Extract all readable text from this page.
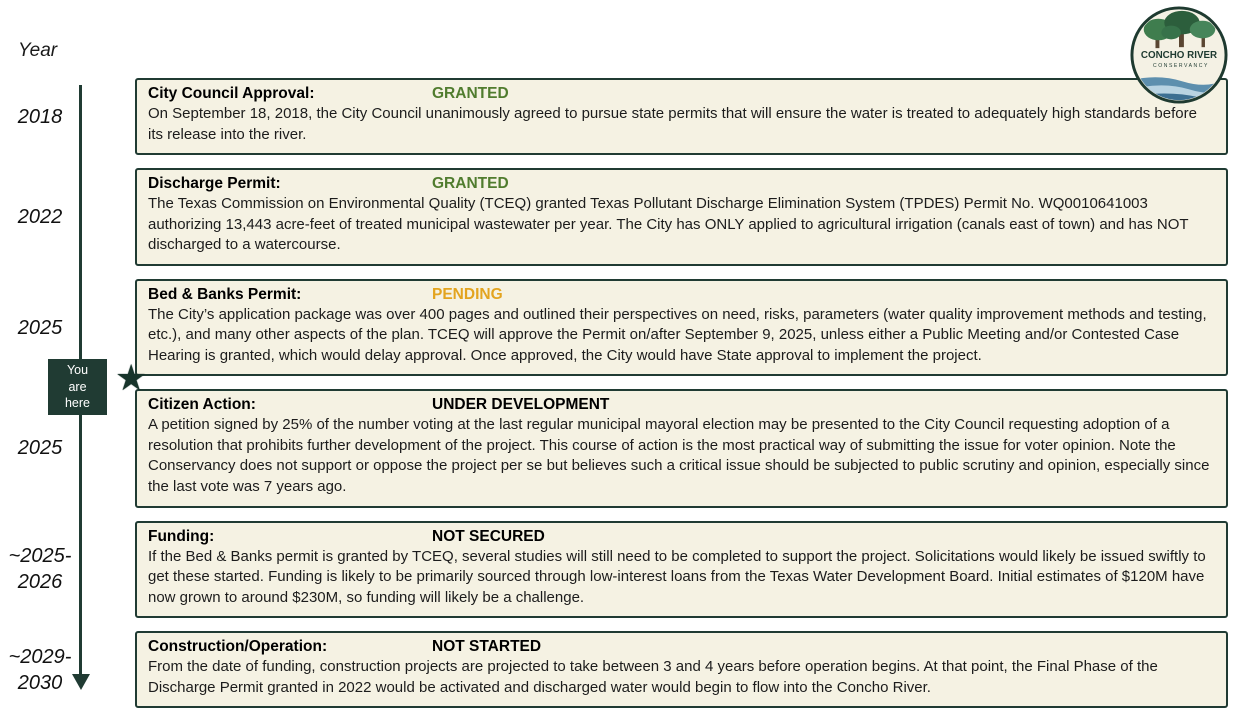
Year
2018
City Council Approval:	GRANTED
On September 18, 2018, the City Council unanimously agreed to pursue state permits that will ensure the water is treated to adequately high standards before its release into the river.
2022
Discharge Permit:	GRANTED
The Texas Commission on Environmental Quality (TCEQ) granted Texas Pollutant Discharge Elimination System (TPDES) Permit No. WQ0010641003 authorizing 13,443 acre-feet of treated municipal wastewater per year. The City has ONLY applied to agricultural irrigation (canals east of town) and has NOT discharged to a watercourse.
2025
Bed & Banks Permit:	PENDING
The City’s application package was over 400 pages and outlined their perspectives on need, risks, parameters (water quality improvement methods and testing, etc.), and many other aspects of the plan. TCEQ will approve the Permit on/after September 9, 2025, unless either a Public Meeting and/or Contested Case Hearing is granted, which would delay approval. Once approved, the City would have State approval to implement the project.
2025
Citizen Action:	UNDER DEVELOPMENT
A petition signed by 25% of the number voting at the last regular municipal mayoral election may be presented to the City Council requesting adoption of a resolution that prohibits further development of the project. This course of action is the most practical way of submitting the issue for voter opinion. Note the Conservancy does not support or oppose the project per se but believes such a critical issue should be subjected to public scrutiny and opinion, especially since the last vote was 7 years ago.
~2025-2026
Funding:	NOT SECURED
If the Bed & Banks permit is granted by TCEQ, several studies will still need to be completed to support the project. Solicitations would likely be issued swiftly to get these started. Funding is likely to be primarily sourced through low-interest loans from the Texas Water Development Board. Initial estimates of $120M have now grown to around $230M, so funding will likely be a challenge.
~2029-2030
Construction/Operation:	NOT STARTED
From the date of funding, construction projects are projected to take between 3 and 4 years before operation begins. At that point, the Final Phase of the Discharge Permit granted in 2022 would be activated and discharged water would begin to flow into the Concho River.
You
are
here
★
CONCHO RIVER
CONSERVANCY
